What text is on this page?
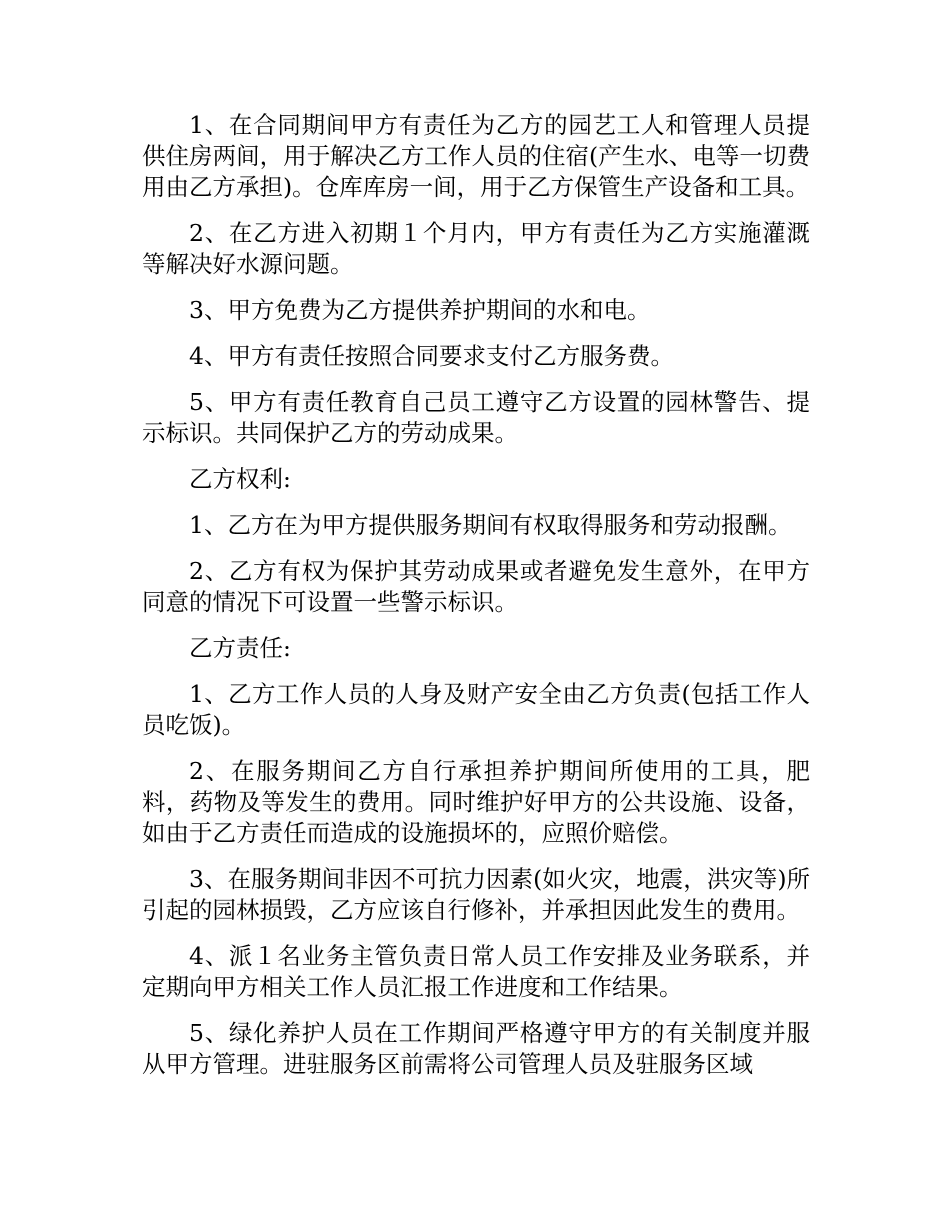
1、在合同期间甲方有责任为乙方的园艺工人和管理人员提供住房两间，用于解决乙方工作人员的住宿(产生水、电等一切费用由乙方承担)。仓库库房一间，用于乙方保管生产设备和工具。

2、在乙方进入初期１个月内，甲方有责任为乙方实施灌溉等解决好水源问题。

3、甲方免费为乙方提供养护期间的水和电。

4、甲方有责任按照合同要求支付乙方服务费。

5、甲方有责任教育自己员工遵守乙方设置的园林警告、提示标识。共同保护乙方的劳动成果。

乙方权利:

1、乙方在为甲方提供服务期间有权取得服务和劳动报酬。

2、乙方有权为保护其劳动成果或者避免发生意外，在甲方同意的情况下可设置一些警示标识。

乙方责任:

1、乙方工作人员的人身及财产安全由乙方负责(包括工作人员吃饭)。

2、在服务期间乙方自行承担养护期间所使用的工具，肥料，药物及等发生的费用。同时维护好甲方的公共设施、设备，如由于乙方责任而造成的设施损坏的，应照价赔偿。

3、在服务期间非因不可抗力因素(如火灾，地震，洪灾等)所引起的园林损毁，乙方应该自行修补，并承担因此发生的费用。

4、派１名业务主管负责日常人员工作安排及业务联系，并定期向甲方相关工作人员汇报工作进度和工作结果。

5、绿化养护人员在工作期间严格遵守甲方的有关制度并服从甲方管理。进驻服务区前需将公司管理人员及驻服务区域
